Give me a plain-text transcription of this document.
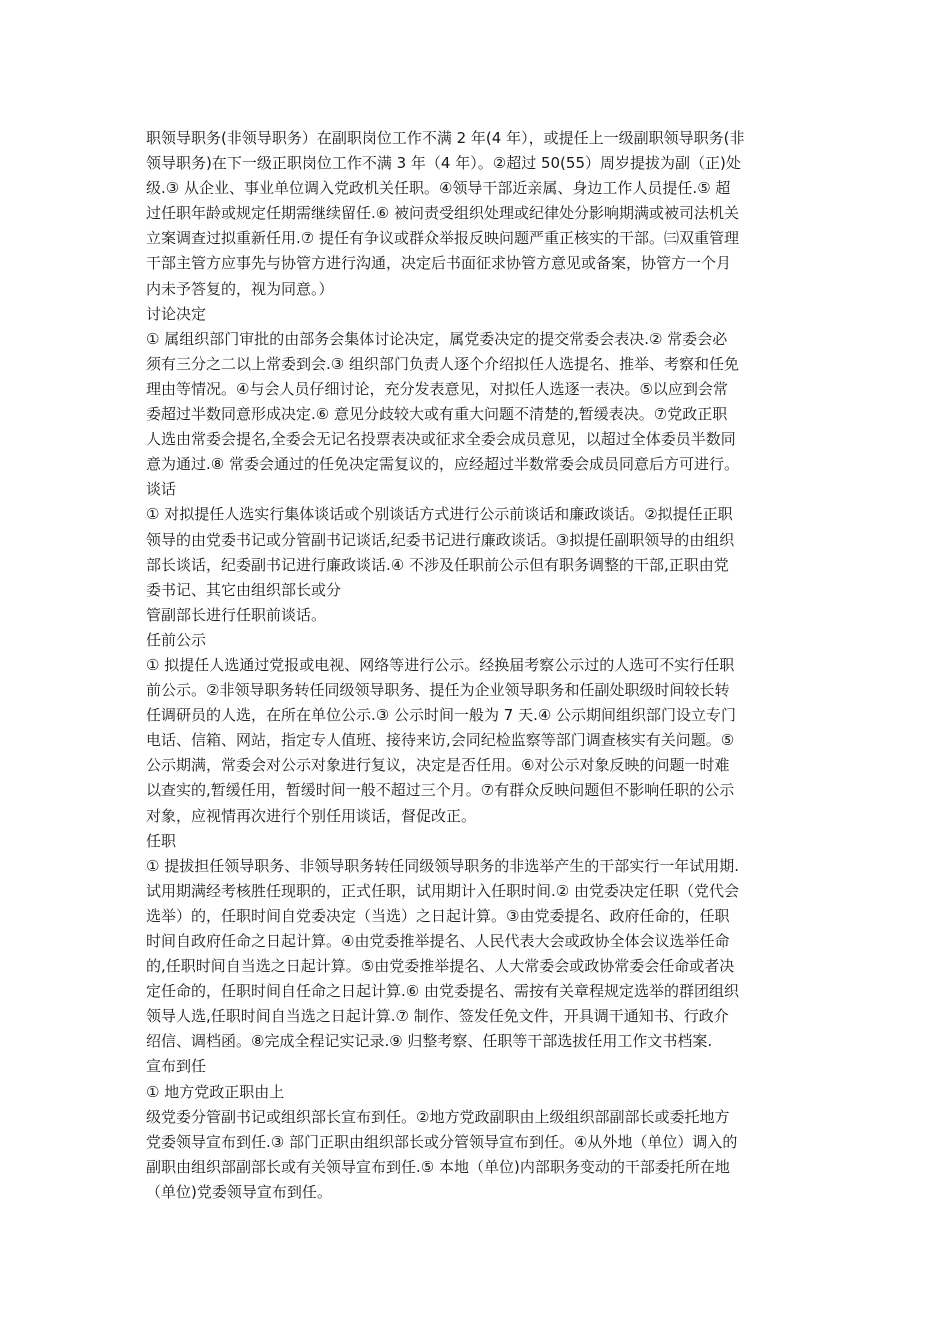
职领导职务(非领导职务）在副职岗位工作不满 2 年(4 年），或提任上一级副职领导职务(非
领导职务)在下一级正职岗位工作不满 3 年（4 年）。②超过 50(55）周岁提拔为副（正)处
级.③ 从企业、事业单位调入党政机关任职。④领导干部近亲属、身边工作人员提任.⑤ 超
过任职年龄或规定任期需继续留任.⑥ 被问责受组织处理或纪律处分影响期满或被司法机关
立案调查过拟重新任用.⑦ 提任有争议或群众举报反映问题严重正核实的干部。㈢双重管理
干部主管方应事先与协管方进行沟通，决定后书面征求协管方意见或备案，协管方一个月
内未予答复的，视为同意。）
讨论决定
① 属组织部门审批的由部务会集体讨论决定，属党委决定的提交常委会表决.② 常委会必
须有三分之二以上常委到会.③ 组织部门负责人逐个介绍拟任人选提名、推举、考察和任免
理由等情况。④与会人员仔细讨论，充分发表意见，对拟任人选逐一表决。⑤以应到会常
委超过半数同意形成决定.⑥ 意见分歧较大或有重大问题不清楚的,暂缓表决。⑦党政正职
人选由常委会提名,全委会无记名投票表决或征求全委会成员意见，以超过全体委员半数同
意为通过.⑧ 常委会通过的任免决定需复议的，应经超过半数常委会成员同意后方可进行。
谈话
① 对拟提任人选实行集体谈话或个别谈话方式进行公示前谈话和廉政谈话。②拟提任正职
领导的由党委书记或分管副书记谈话,纪委书记进行廉政谈话。③拟提任副职领导的由组织
部长谈话，纪委副书记进行廉政谈话.④ 不涉及任职前公示但有职务调整的干部,正职由党
委书记、其它由组织部长或分
管副部长进行任职前谈话。
任前公示
① 拟提任人选通过党报或电视、网络等进行公示。经换届考察公示过的人选可不实行任职
前公示。②非领导职务转任同级领导职务、提任为企业领导职务和任副处职级时间较长转
任调研员的人选，在所在单位公示.③ 公示时间一般为 7 天.④ 公示期间组织部门设立专门
电话、信箱、网站，指定专人值班、接待来访,会同纪检监察等部门调查核实有关问题。⑤
公示期满，常委会对公示对象进行复议，决定是否任用。⑥对公示对象反映的问题一时难
以查实的,暂缓任用，暂缓时间一般不超过三个月。⑦有群众反映问题但不影响任职的公示
对象，应视情再次进行个别任用谈话，督促改正。
任职
① 提拔担任领导职务、非领导职务转任同级领导职务的非选举产生的干部实行一年试用期.
试用期满经考核胜任现职的，正式任职，试用期计入任职时间.② 由党委决定任职（党代会
选举）的，任职时间自党委决定（当选）之日起计算。③由党委提名、政府任命的，任职
时间自政府任命之日起计算。④由党委推举提名、人民代表大会或政协全体会议选举任命
的,任职时间自当选之日起计算。⑤由党委推举提名、人大常委会或政协常委会任命或者决
定任命的，任职时间自任命之日起计算.⑥ 由党委提名、需按有关章程规定选举的群团组织
领导人选,任职时间自当选之日起计算.⑦ 制作、签发任免文件，开具调干通知书、行政介
绍信、调档函。⑧完成全程记实记录.⑨ 归整考察、任职等干部选拔任用工作文书档案.
宣布到任
① 地方党政正职由上
级党委分管副书记或组织部长宣布到任。②地方党政副职由上级组织部副部长或委托地方
党委领导宣布到任.③ 部门正职由组织部长或分管领导宣布到任。④从外地（单位）调入的
副职由组织部副部长或有关领导宣布到任.⑤ 本地（单位)内部职务变动的干部委托所在地
（单位)党委领导宣布到任。
